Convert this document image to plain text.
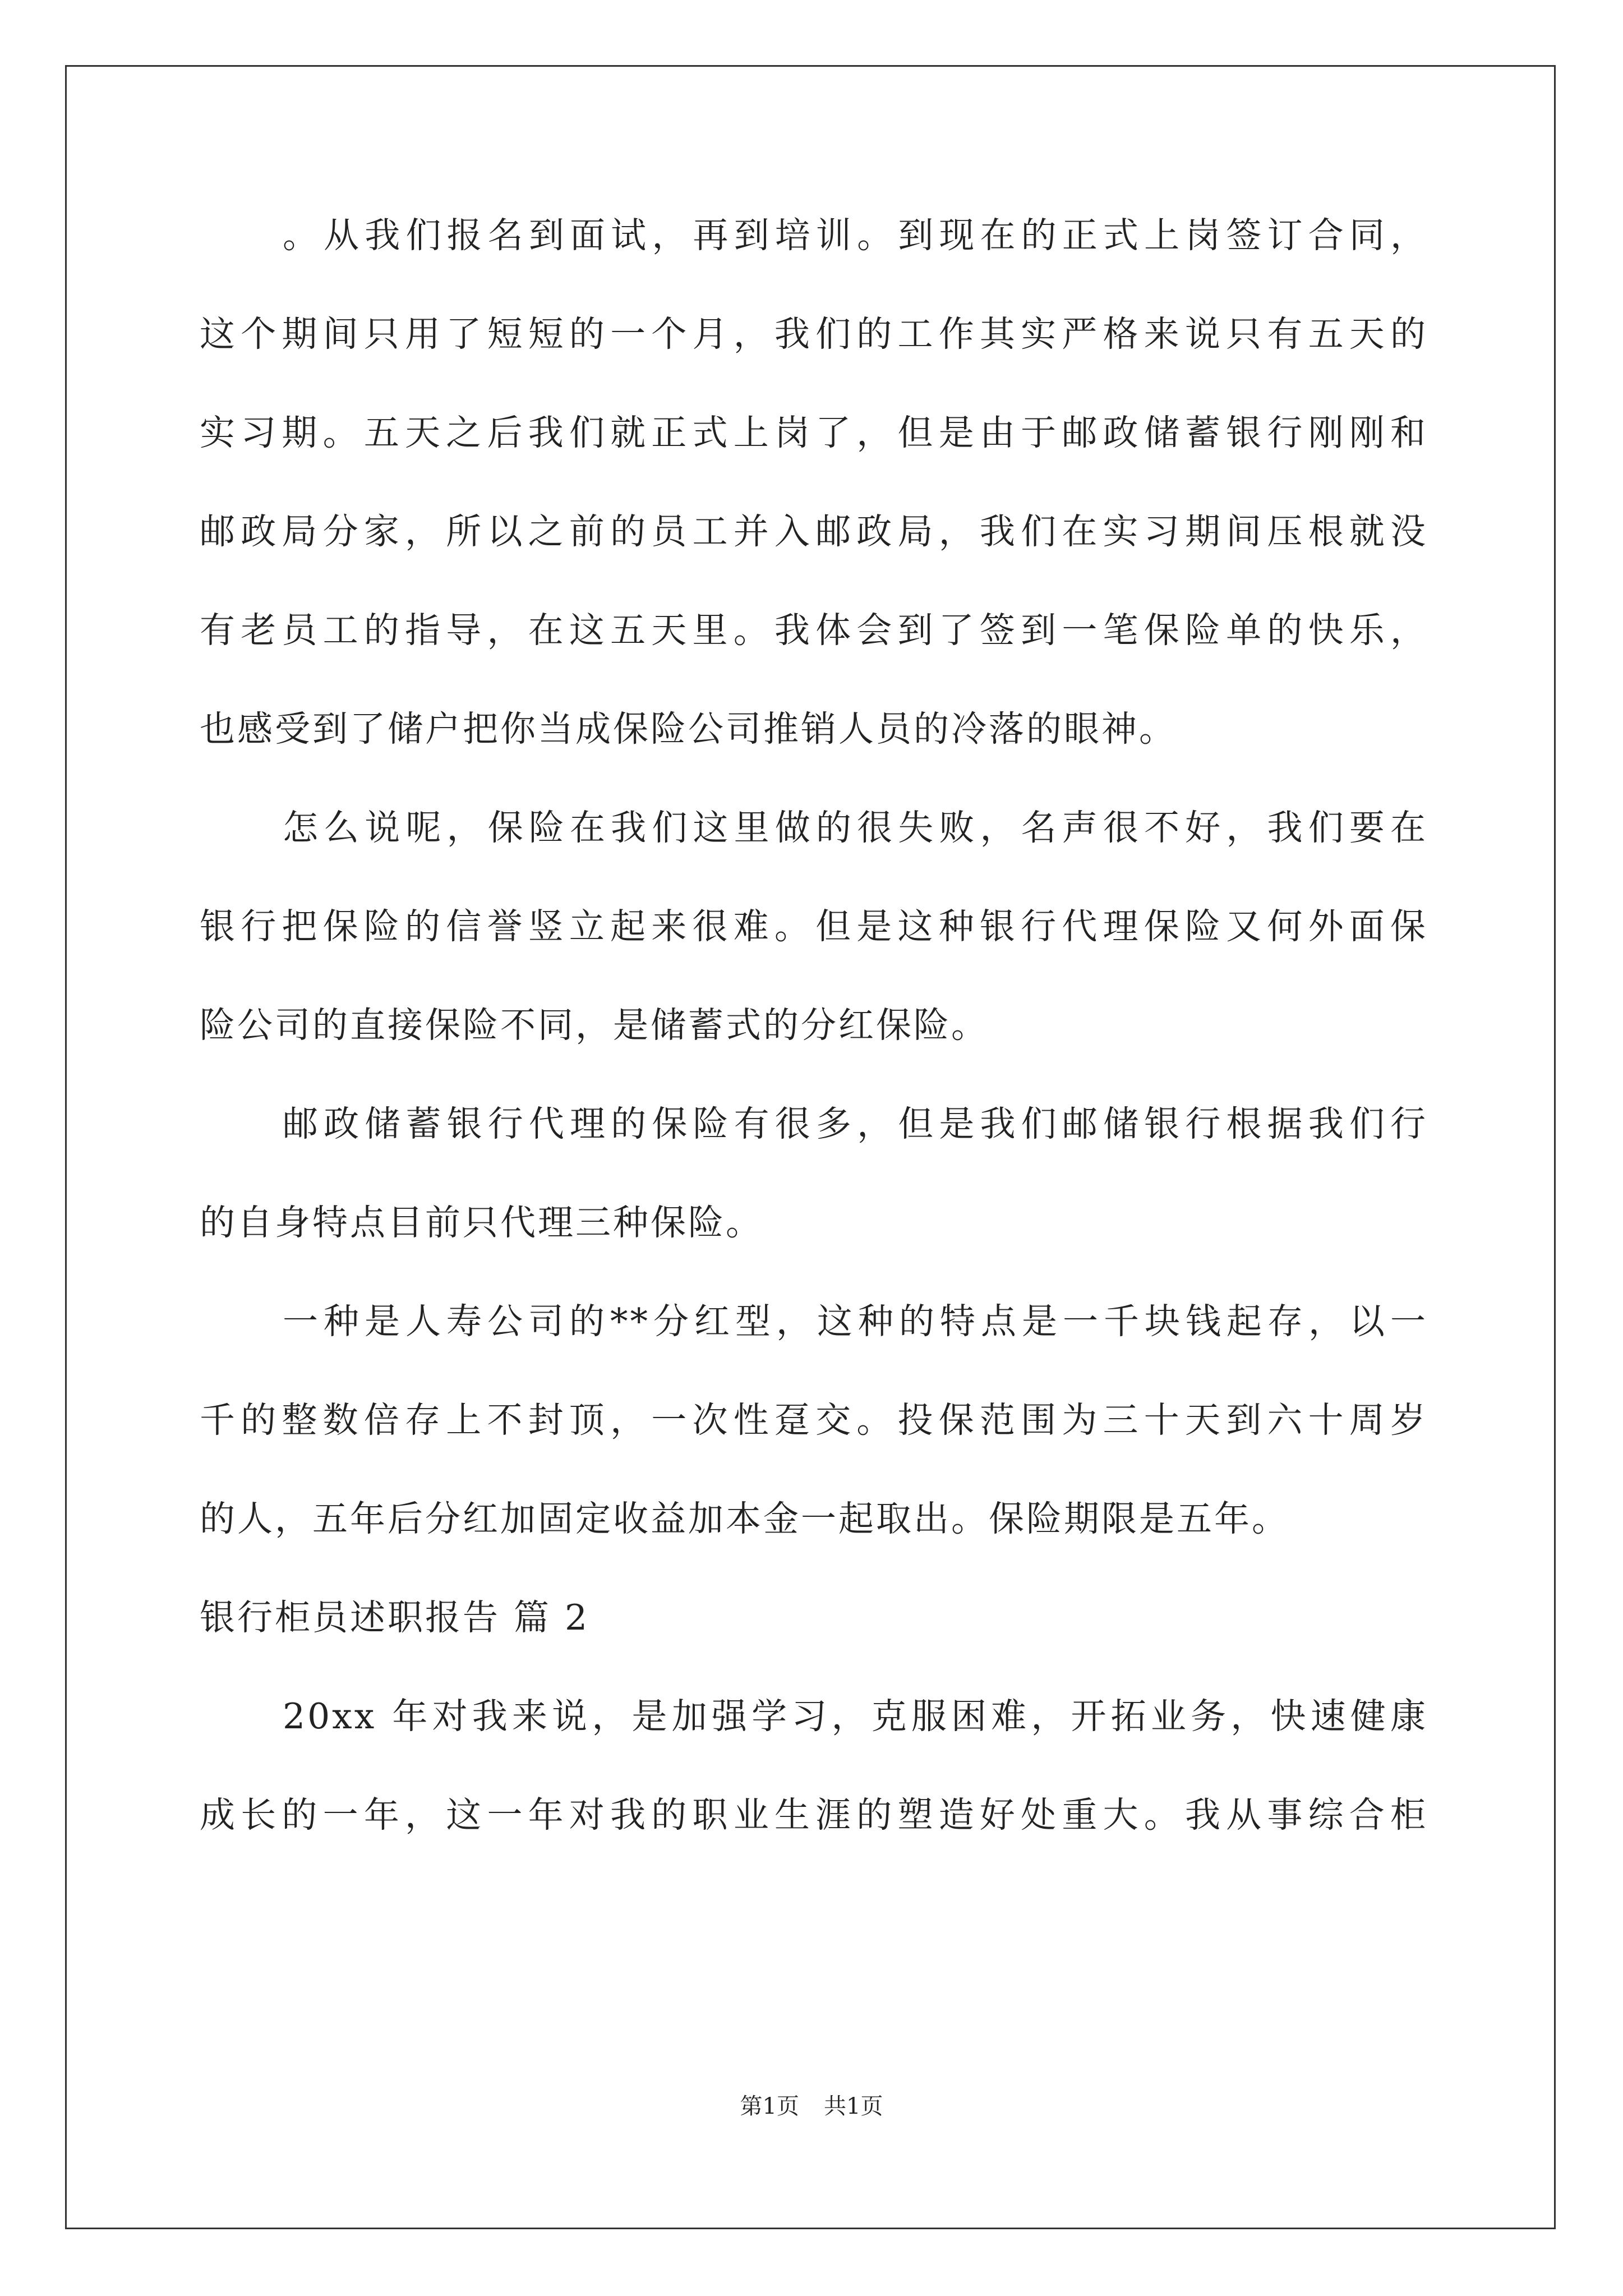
。从我们报名到面试，再到培训。到现在的正式上岗签订合同，
这个期间只用了短短的一个月，我们的工作其实严格来说只有五天的
实习期。五天之后我们就正式上岗了，但是由于邮政储蓄银行刚刚和
邮政局分家，所以之前的员工并入邮政局，我们在实习期间压根就没
有老员工的指导，在这五天里。我体会到了签到一笔保险单的快乐，
也感受到了储户把你当成保险公司推销人员的冷落的眼神。
怎么说呢，保险在我们这里做的很失败，名声很不好，我们要在
银行把保险的信誉竖立起来很难。但是这种银行代理保险又何外面保
险公司的直接保险不同，是储蓄式的分红保险。
邮政储蓄银行代理的保险有很多，但是我们邮储银行根据我们行
的自身特点目前只代理三种保险。
一种是人寿公司的**分红型，这种的特点是一千块钱起存，以一
千的整数倍存上不封顶，一次性趸交。投保范围为三十天到六十周岁
的人，五年后分红加固定收益加本金一起取出。保险期限是五年。
银行柜员述职报告 篇 2
20xx 年对我来说，是加强学习，克服困难，开拓业务，快速健康
成长的一年，这一年对我的职业生涯的塑造好处重大。我从事综合柜
第1页 共1页
